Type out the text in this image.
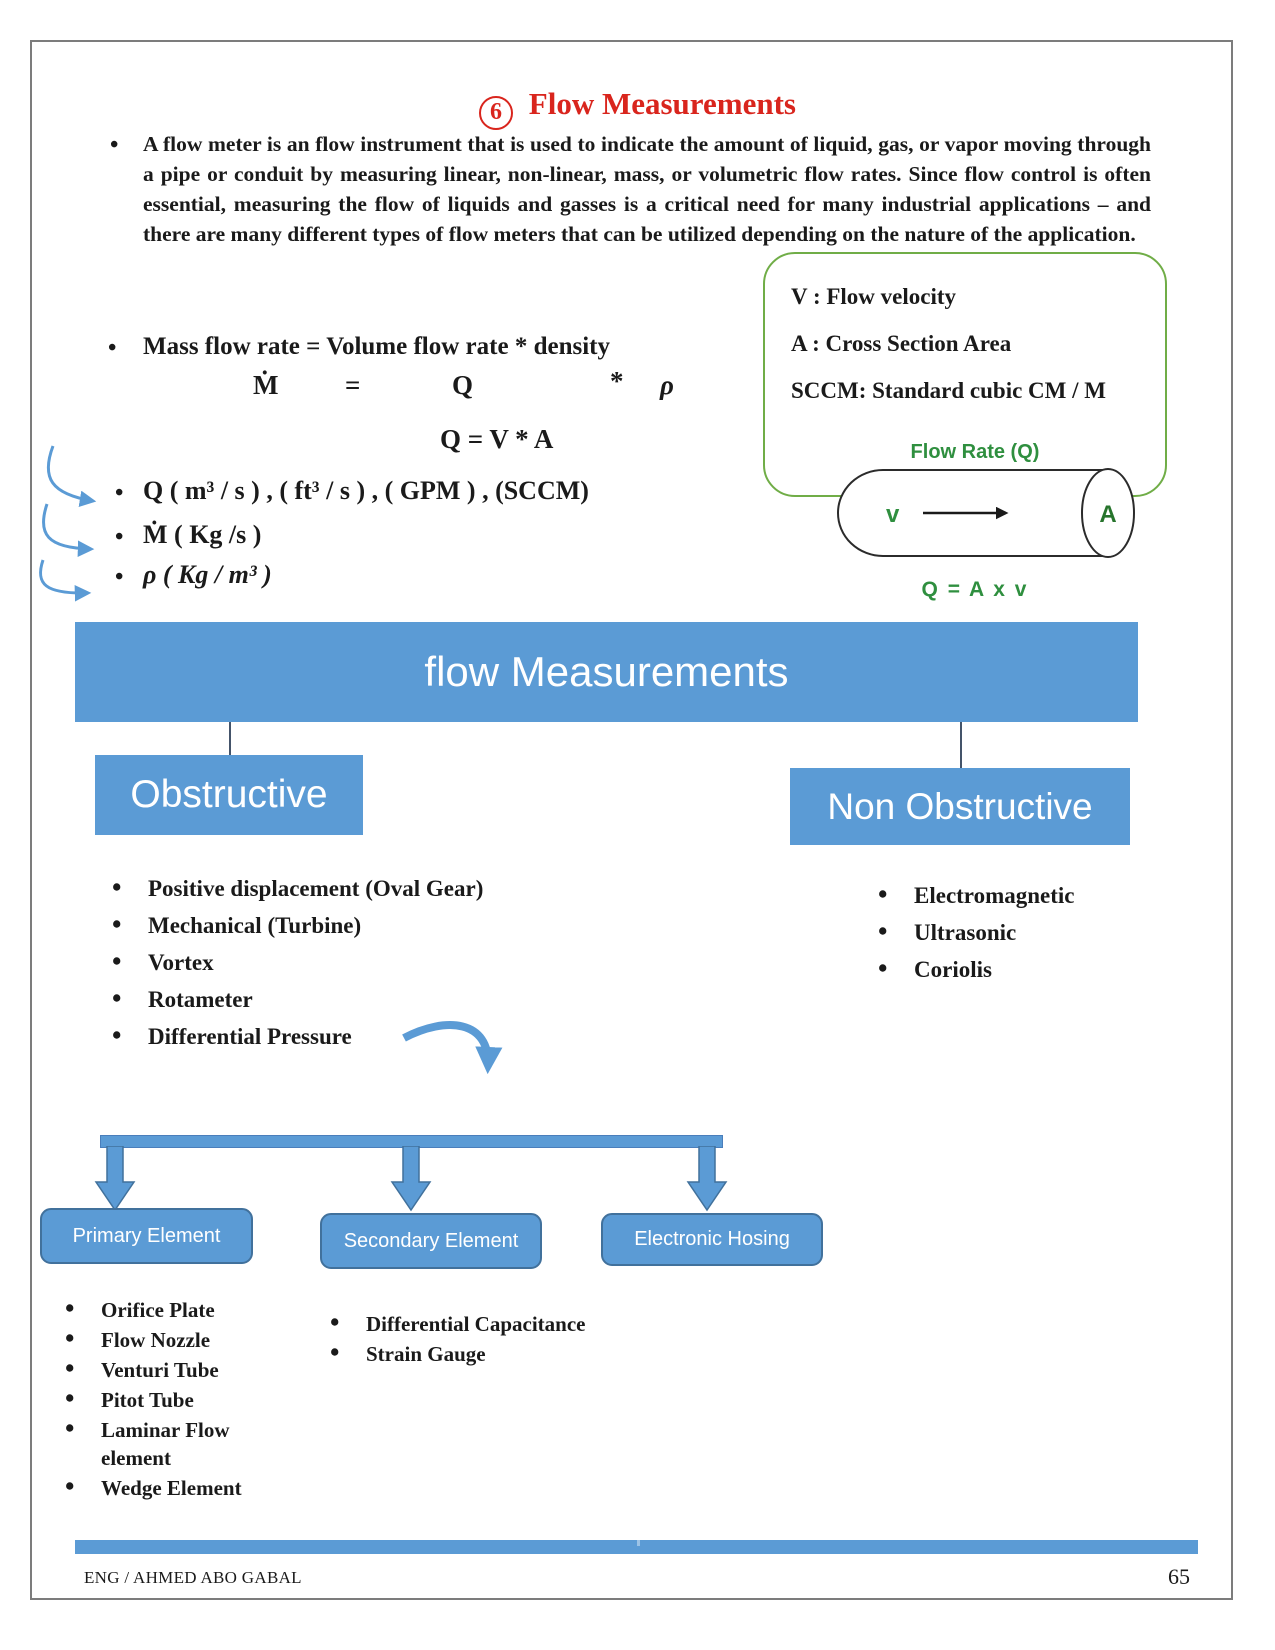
6 Flow Measurements
• A flow meter is an flow instrument that is used to indicate the amount of liquid, gas, or vapor moving through a pipe or conduit by measuring linear, non-linear, mass, or volumetric flow rates. Since flow control is often essential, measuring the flow of liquids and gasses is a critical need for many industrial applications – and there are many different types of flow meters that can be utilized depending on the nature of the application.
• Mass flow rate = Volume flow rate * density
Ṁ =	Q	* ρ
Q = V * A
• Q ( m³ / s ) , ( ft³ / s ) , ( GPM ) , (SCCM)
• Ṁ ( Kg /s )
• ρ ( Kg / m³ )
V : Flow velocity
A : Cross Section Area
SCCM: Standard cubic CM / M
Flow Rate (Q)
v	A
Q = A x v
flow Measurements
Obstructive	Non Obstructive
• Positive displacement (Oval Gear)
• Mechanical (Turbine)
• Vortex
• Rotameter
• Differential Pressure
• Electromagnetic
• Ultrasonic
• Coriolis
Primary Element	Secondary Element	Electronic Hosing
• Orifice Plate
• Flow Nozzle
• Venturi Tube
• Pitot Tube
• Laminar Flow element
• Wedge Element
• Differential Capacitance
• Strain Gauge
ENG / AHMED ABO GABAL	65
